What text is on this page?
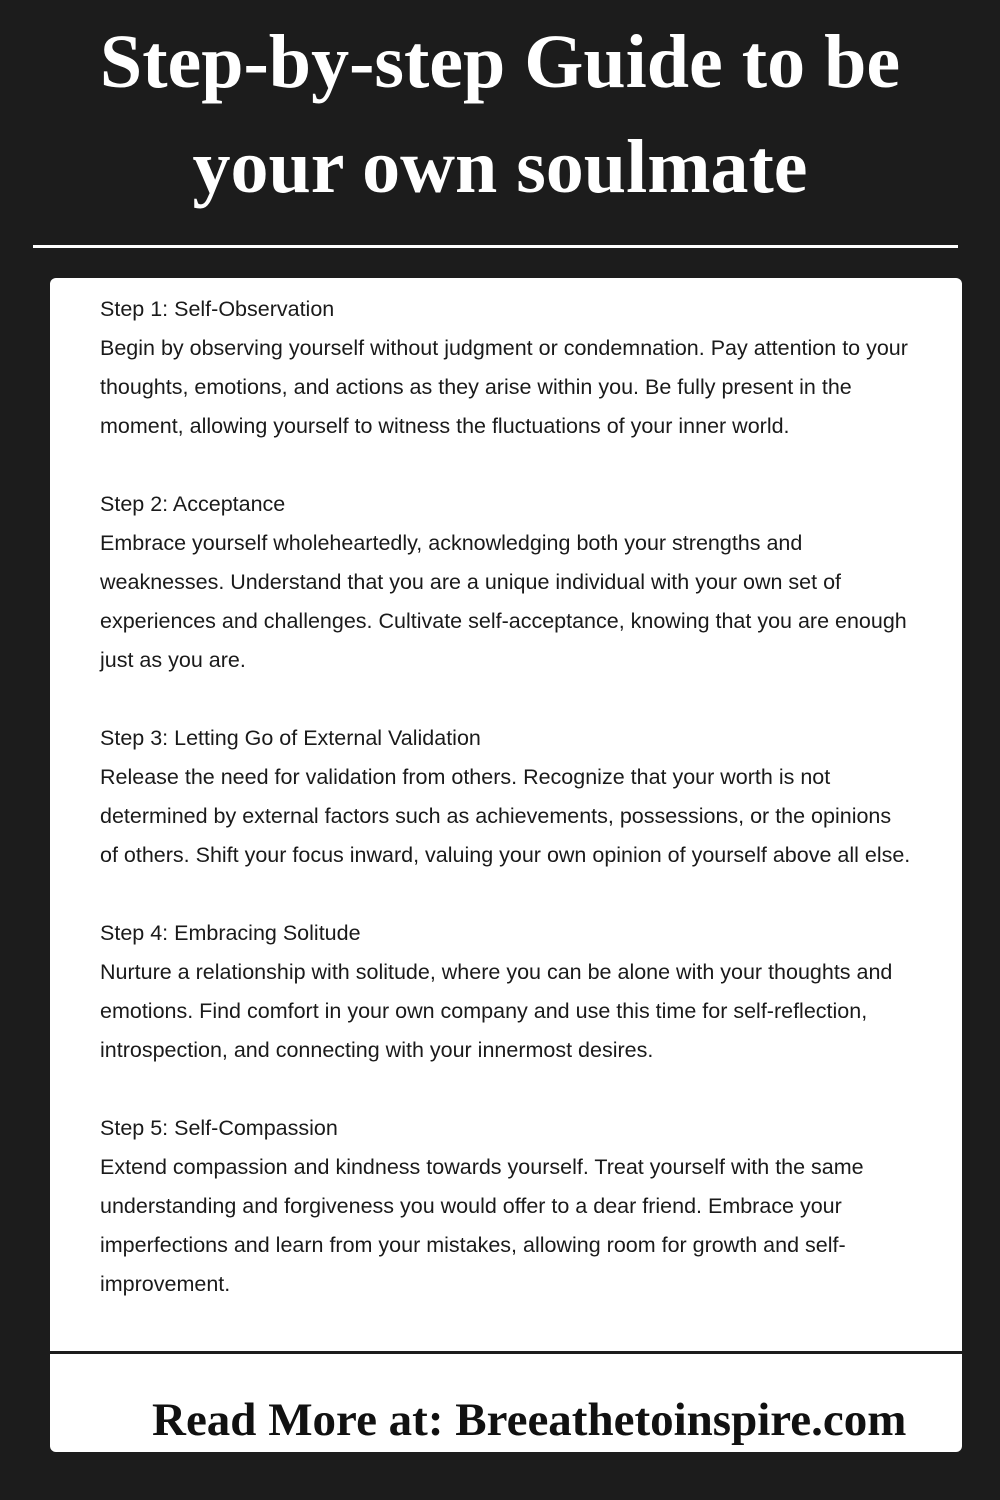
Step-by-step Guide to be
your own soulmate
Step 1: Self-Observation
Begin by observing yourself without judgment or condemnation. Pay attention to your
thoughts, emotions, and actions as they arise within you. Be fully present in the
moment, allowing yourself to witness the fluctuations of your inner world.
Step 2: Acceptance
Embrace yourself wholeheartedly, acknowledging both your strengths and
weaknesses. Understand that you are a unique individual with your own set of
experiences and challenges. Cultivate self-acceptance, knowing that you are enough
just as you are.
Step 3: Letting Go of External Validation
Release the need for validation from others. Recognize that your worth is not
determined by external factors such as achievements, possessions, or the opinions
of others. Shift your focus inward, valuing your own opinion of yourself above all else.
Step 4: Embracing Solitude
Nurture a relationship with solitude, where you can be alone with your thoughts and
emotions. Find comfort in your own company and use this time for self-reflection,
introspection, and connecting with your innermost desires.
Step 5: Self-Compassion
Extend compassion and kindness towards yourself. Treat yourself with the same
understanding and forgiveness you would offer to a dear friend. Embrace your
imperfections and learn from your mistakes, allowing room for growth and self-
improvement.
Read More at: Breeathetoinspire.com
